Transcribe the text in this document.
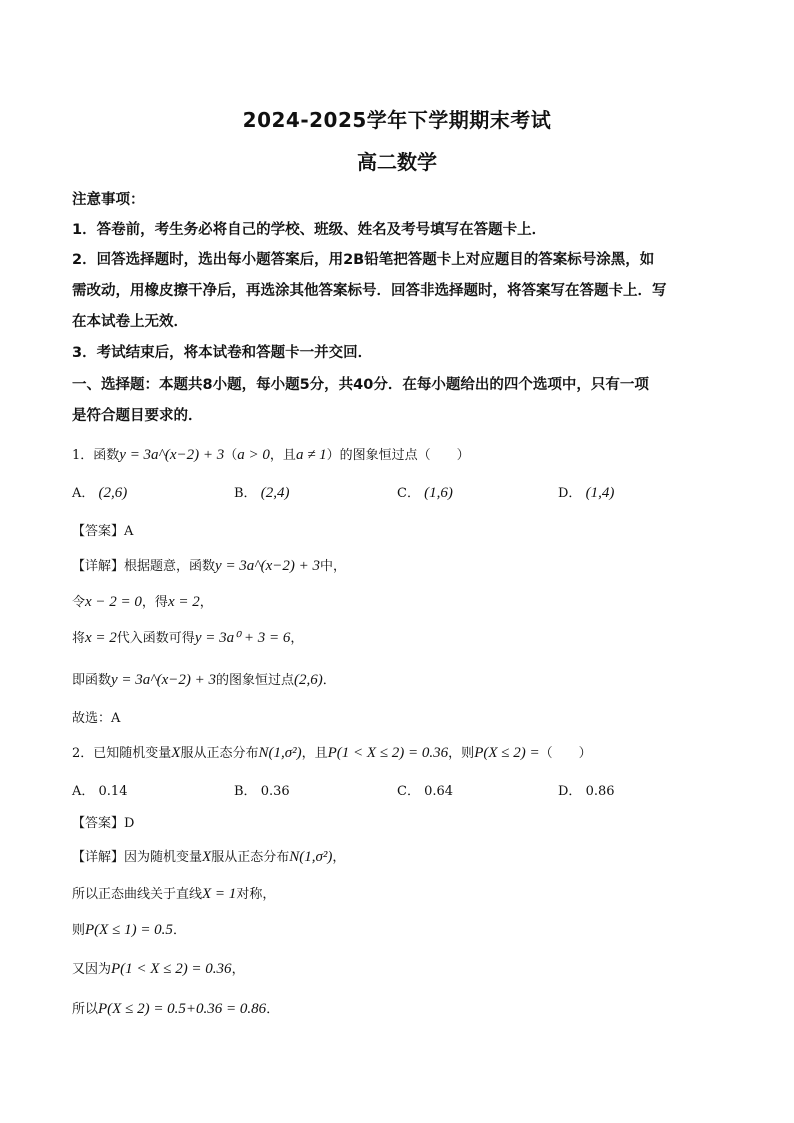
2024-2025学年下学期期末考试
高二数学
注意事项：
1．答卷前，考生务必将自己的学校、班级、姓名及考号填写在答题卡上．
2．回答选择题时，选出每小题答案后，用2B铅笔把答题卡上对应题目的答案标号涂黑，如
需改动，用橡皮擦干净后，再选涂其他答案标号．回答非选择题时，将答案写在答题卡上．写
在本试卷上无效．
3．考试结束后，将本试卷和答题卡一并交回．
一、选择题：本题共8小题，每小题5分，共40分．在每小题给出的四个选项中，只有一项
是符合题目要求的．
1．函数y = 3a^(x−2) + 3（a > 0，且a ≠ 1）的图象恒过点（　　）
A． (2,6)	B． (2,4)	C． (1,6)	D． (1,4)
【答案】A
【详解】根据题意，函数y = 3a^(x−2) + 3中，
令x − 2 = 0，得x = 2，
将x = 2代入函数可得y = 3a⁰ + 3 = 6，
即函数y = 3a^(x−2) + 3的图象恒过点(2,6)．
故选：A
2．已知随机变量X服从正态分布N(1,σ²)，且P(1 < X ≤ 2) = 0.36，则P(X ≤ 2) =（　　）
A． 0.14	B． 0.36	C． 0.64	D． 0.86
【答案】D
【详解】因为随机变量X服从正态分布N(1,σ²)，
所以正态曲线关于直线X = 1对称，
则P(X ≤ 1) = 0.5．
又因为P(1 < X ≤ 2) = 0.36，
所以P(X ≤ 2) = 0.5+0.36 = 0.86．
